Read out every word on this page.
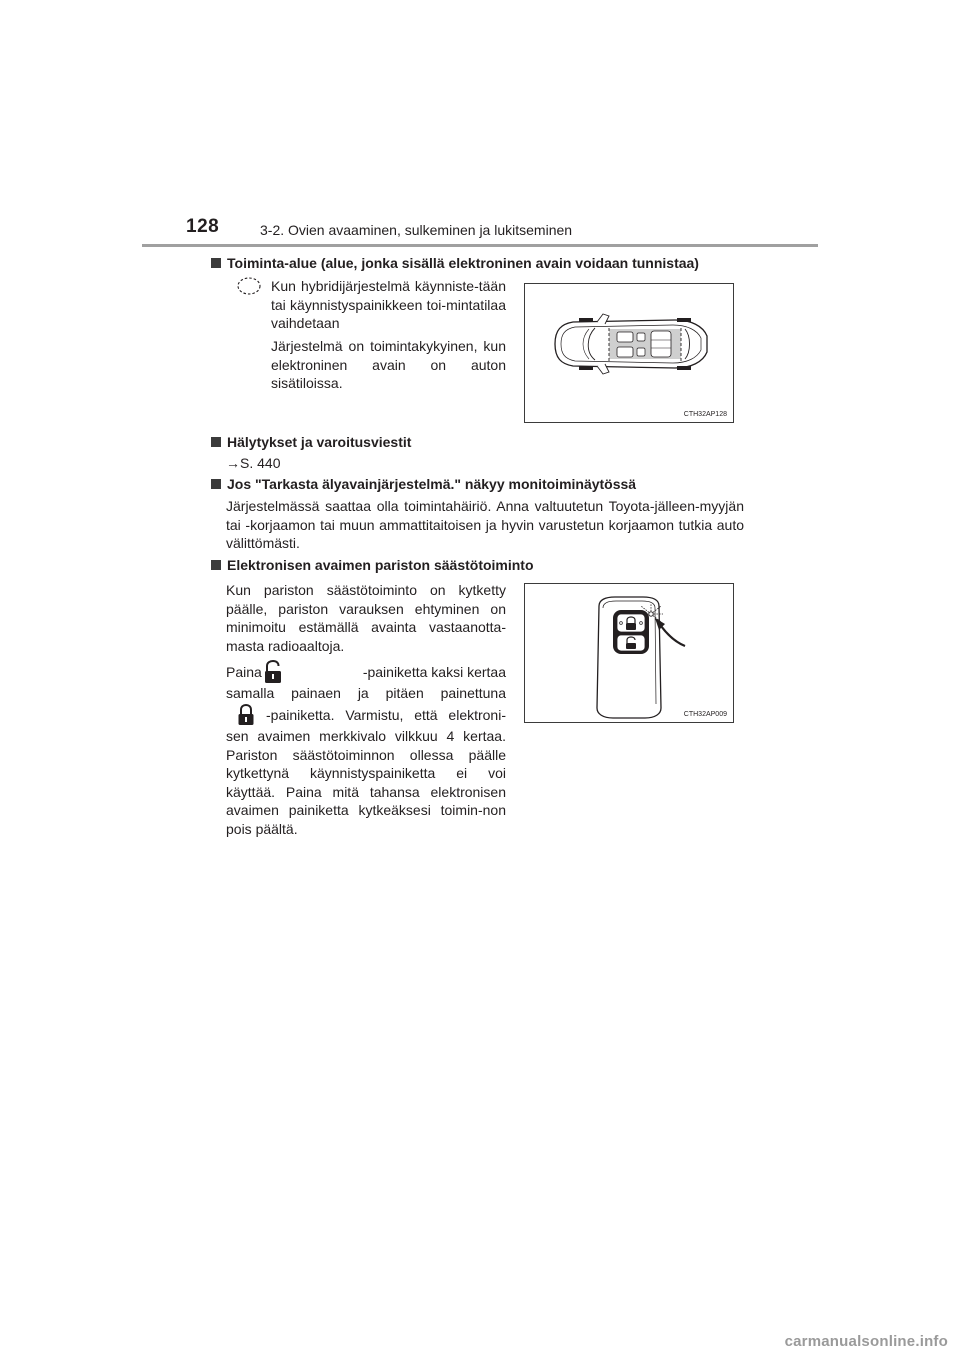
128	3-2. Ovien avaaminen, sulkeminen ja lukitseminen
Toiminta-alue (alue, jonka sisällä elektroninen avain voidaan tunnistaa)
Kun hybridijärjestelmä käynniste-tään tai käynnistyspainikkeen toi-mintatilaa vaihdetaan
Järjestelmä on toimintakykyinen, kun elektroninen avain on auton sisätiloissa.
CTH32AP128
Hälytykset ja varoitusviestit
→S. 440
Jos "Tarkasta älyavainjärjestelmä." näkyy monitoiminäytössä
Järjestelmässä saattaa olla toimintahäiriö. Anna valtuutetun Toyota-jälleen-myyjän tai -korjaamon tai muun ammattitaitoisen ja hyvin varustetun korjaamon tutkia auto välittömästi.
Elektronisen avaimen pariston säästötoiminto
Kun pariston säästötoiminto on kytketty päälle, pariston varauksen ehtyminen on minimoitu estämällä avainta vastaanotta-masta radioaaltoja.
Paina	-painiketta kaksi kertaa
samalla painaen ja pitäen painettuna
-painiketta. Varmistu, että elektroni-
sen avaimen merkkivalo vilkkuu 4 kertaa. Pariston säästötoiminnon ollessa päälle kytkettynä käynnistyspainiketta ei voi käyttää. Paina mitä tahansa elektronisen avaimen painiketta kytkeäksesi toimin-non pois päältä.
CTH32AP009
carmanualsonline.info
